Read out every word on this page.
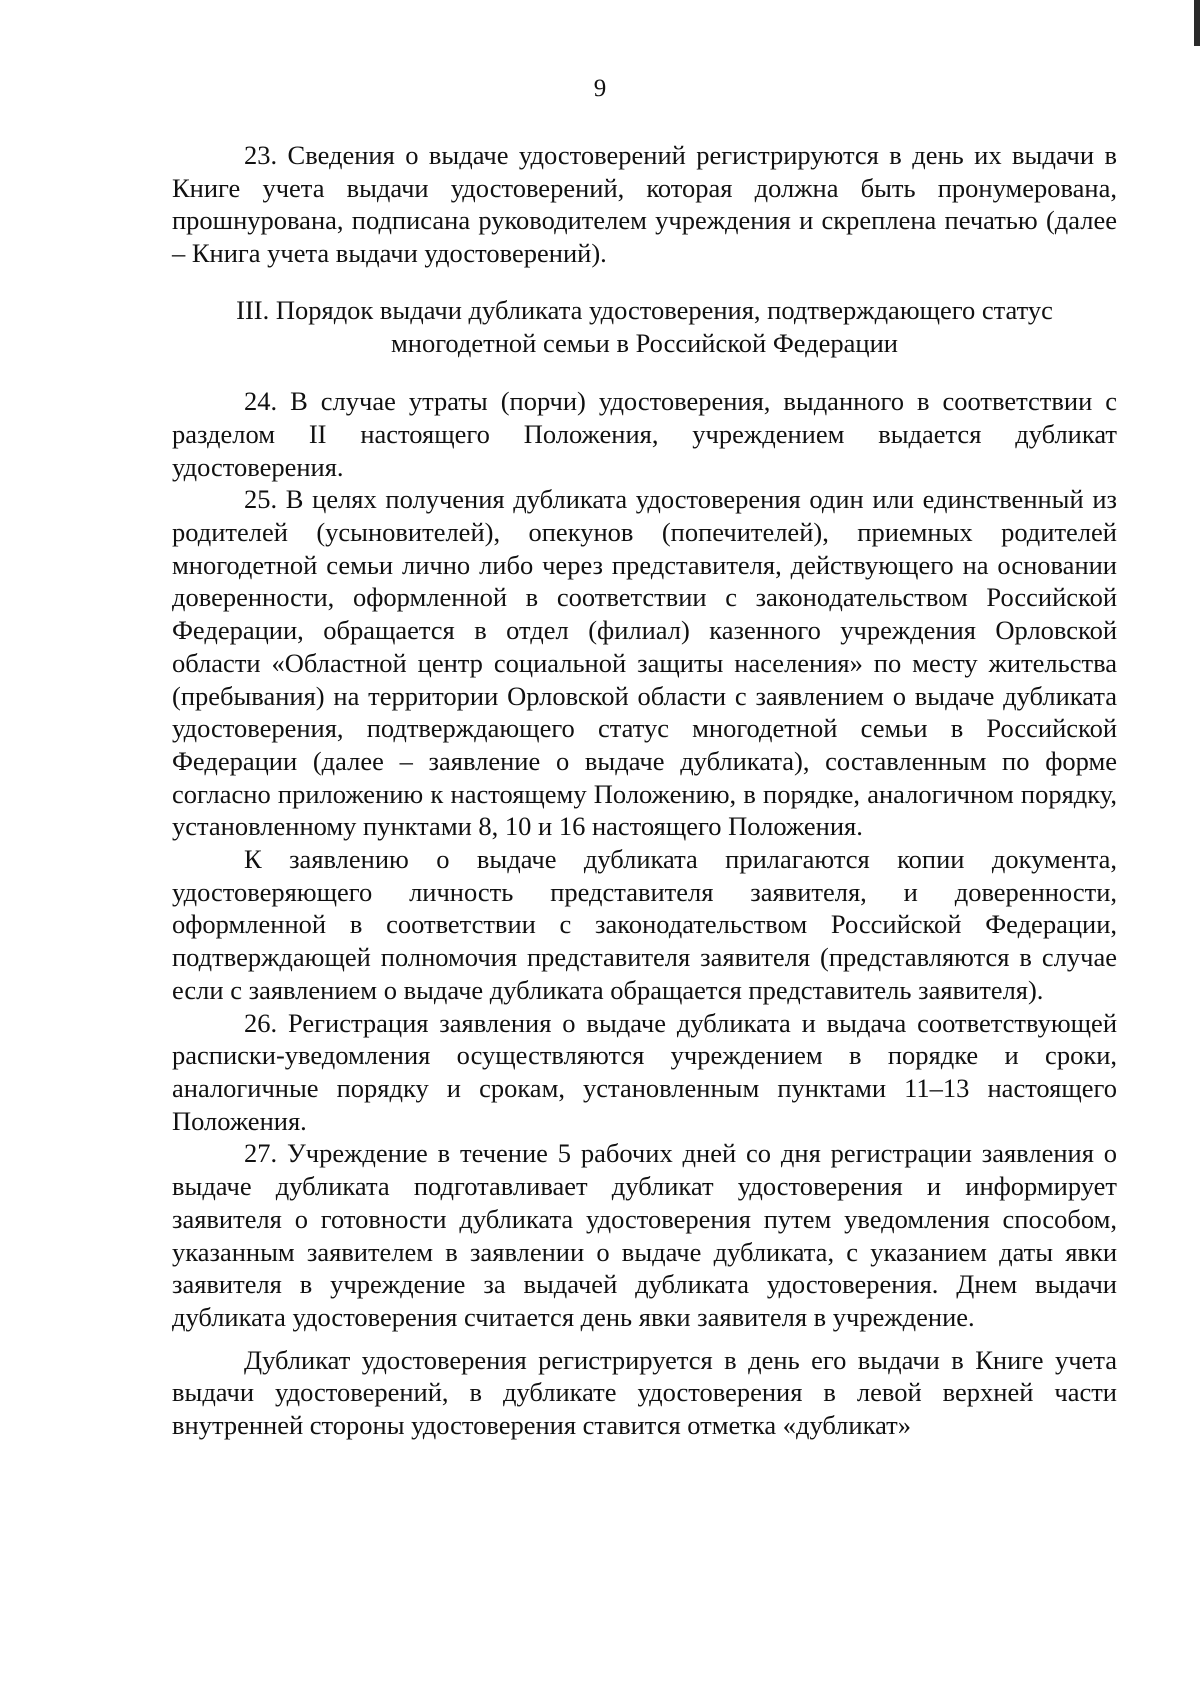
9

23. Сведения о выдаче удостоверений регистрируются в день их выдачи в Книге учета выдачи удостоверений, которая должна быть пронумерована, прошнурована, подписана руководителем учреждения и скреплена печатью (далее – Книга учета выдачи удостоверений).

III. Порядок выдачи дубликата удостоверения, подтверждающего статус

многодетной семьи в Российской Федерации

24. В случае утраты (порчи) удостоверения, выданного в соответствии с разделом II настоящего Положения, учреждением выдается дубликат удостоверения.

25. В целях получения дубликата удостоверения один или единственный из родителей (усыновителей), опекунов (попечителей), приемных родителей многодетной семьи лично либо через представителя, действующего на основании доверенности, оформленной в соответствии с законодательством Российской Федерации, обращается в отдел (филиал) казенного учреждения Орловской области «Областной центр социальной защиты населения» по месту жительства (пребывания) на территории Орловской области с заявлением о выдаче дубликата удостоверения, подтверждающего статус многодетной семьи в Российской Федерации (далее – заявление о выдаче дубликата), составленным по форме согласно приложению к настоящему Положению, в порядке, аналогичном порядку, установленному пунктами 8, 10 и 16 настоящего Положения.

К заявлению о выдаче дубликата прилагаются копии документа, удостоверяющего личность представителя заявителя, и доверенности, оформленной в соответствии с законодательством Российской Федерации, подтверждающей полномочия представителя заявителя (представляются в случае если с заявлением о выдаче дубликата обращается представитель заявителя).

26. Регистрация заявления о выдаче дубликата и выдача соответствующей расписки-уведомления осуществляются учреждением в порядке и сроки, аналогичные порядку и срокам, установленным пунктами 11–13 настоящего Положения.

27. Учреждение в течение 5 рабочих дней со дня регистрации заявления о выдаче дубликата подготавливает дубликат удостоверения и информирует заявителя о готовности дубликата удостоверения путем уведомления способом, указанным заявителем в заявлении о выдаче дубликата, с указанием даты явки заявителя в учреждение за выдачей дубликата удостоверения. Днем выдачи дубликата удостоверения считается день явки заявителя в учреждение.

Дубликат удостоверения регистрируется в день его выдачи в Книге учета выдачи удостоверений, в дубликате удостоверения в левой верхней части внутренней стороны удостоверения ставится отметка «дубликат»
